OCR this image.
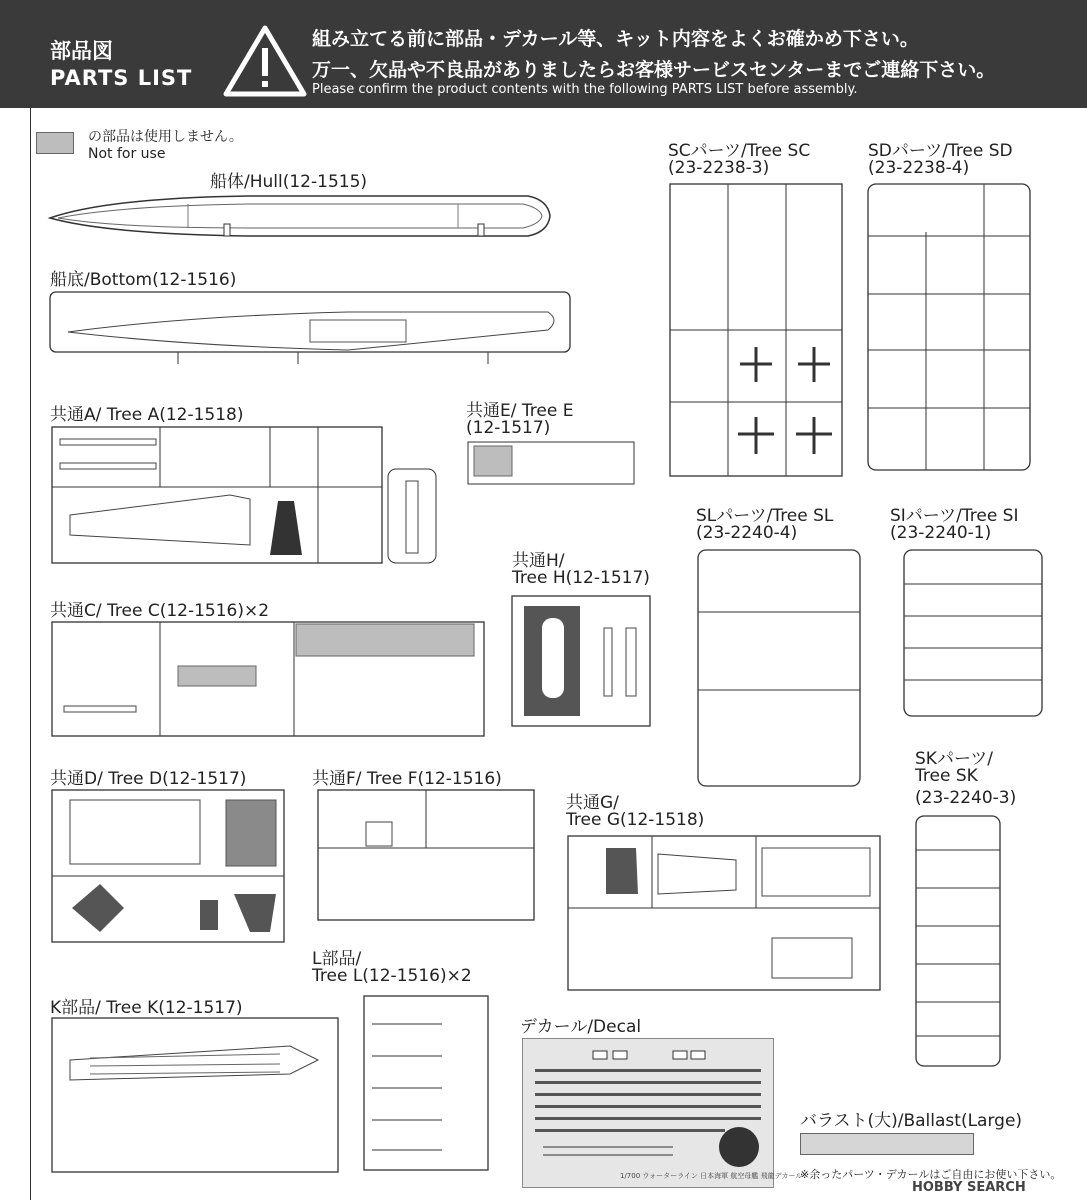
部品図
PARTS LIST
組み立てる前に部品・デカール等、キット内容をよくお確かめ下さい。
万一、欠品や不良品がありましたらお客様サービスセンターまでご連絡下さい。
Please confirm the product contents with the following PARTS LIST before assembly.
の部品は使用しません。
Not for use
船体/Hull(12-1515)
船底/Bottom(12-1516)
共通A/ Tree A(12-1518)	共通E/ Tree E
(12-1517)
共通C/ Tree C(12-1516)×2
共通H/
Tree H(12-1517)
共通D/ Tree D(12-1517)	共通F/ Tree F(12-1516)
共通G/
Tree G(12-1518)
L部品/
Tree L(12-1516)×2
K部品/ Tree K(12-1517)
SCパーツ/Tree SC
(23-2238-3)
SDパーツ/Tree SD
(23-2238-4)
SLパーツ/Tree SL
(23-2240-4)
SIパーツ/Tree SI
(23-2240-1)
SKパーツ/
Tree SK
(23-2240-3)
デカール/Decal
バラスト(大)/Ballast(Large)
1/700 ウォーターライン 日本海軍 航空母艦 飛龍デカール
※余ったパーツ・デカールはご自由にお使い下さい。
HOBBY SEARCH
